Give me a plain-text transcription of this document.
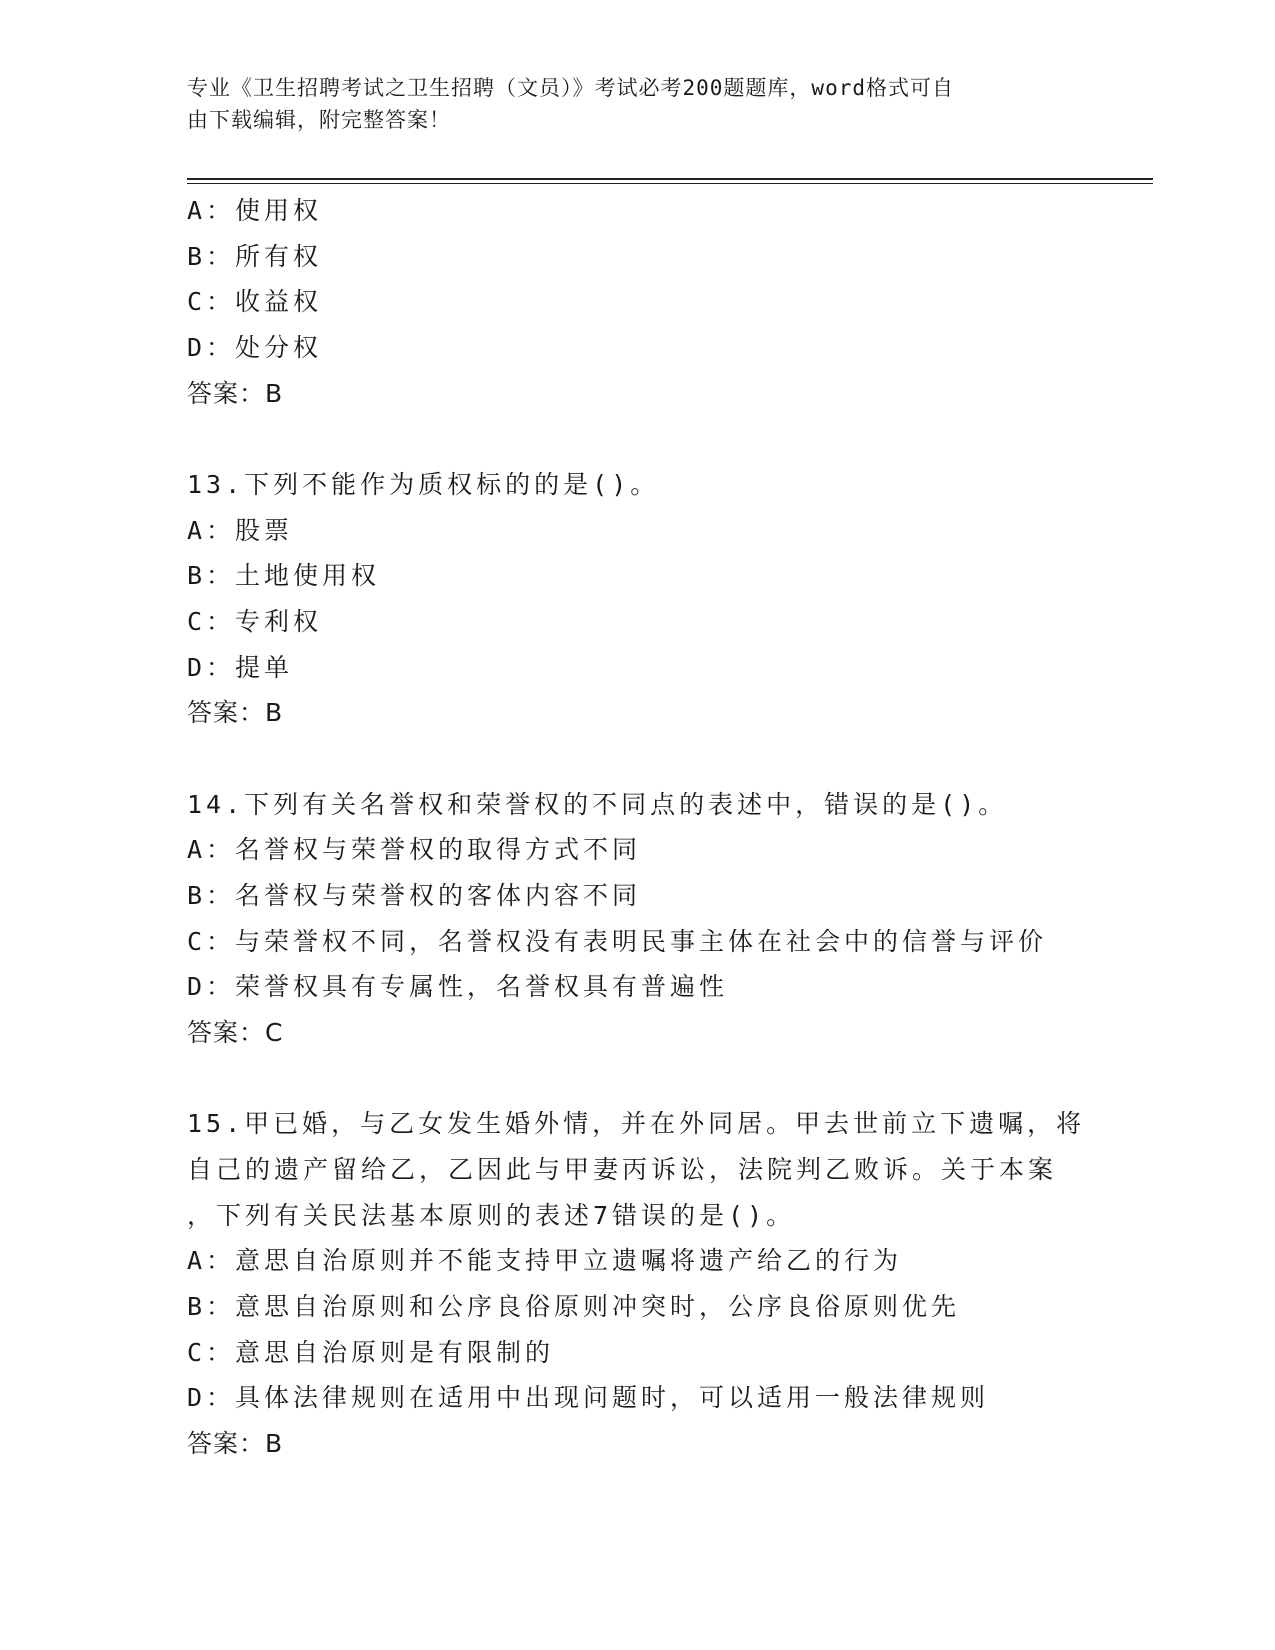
专业《卫生招聘考试之卫生招聘（文员）》考试必考200题题库，word格式可自
由下载编辑，附完整答案！
A：使用权
B：所有权
C：收益权
D：处分权
答案：B
13.下列不能作为质权标的的是()。
A：股票
B：土地使用权
C：专利权
D：提单
答案：B
14.下列有关名誉权和荣誉权的不同点的表述中，错误的是()。
A：名誉权与荣誉权的取得方式不同
B：名誉权与荣誉权的客体内容不同
C：与荣誉权不同，名誉权没有表明民事主体在社会中的信誉与评价
D：荣誉权具有专属性，名誉权具有普遍性
答案：C
15.甲已婚，与乙女发生婚外情，并在外同居。甲去世前立下遗嘱，将
自己的遗产留给乙，乙因此与甲妻丙诉讼，法院判乙败诉。关于本案
，下列有关民法基本原则的表述7错误的是()。
A：意思自治原则并不能支持甲立遗嘱将遗产给乙的行为
B：意思自治原则和公序良俗原则冲突时，公序良俗原则优先
C：意思自治原则是有限制的
D：具体法律规则在适用中出现问题时，可以适用一般法律规则
答案：B
